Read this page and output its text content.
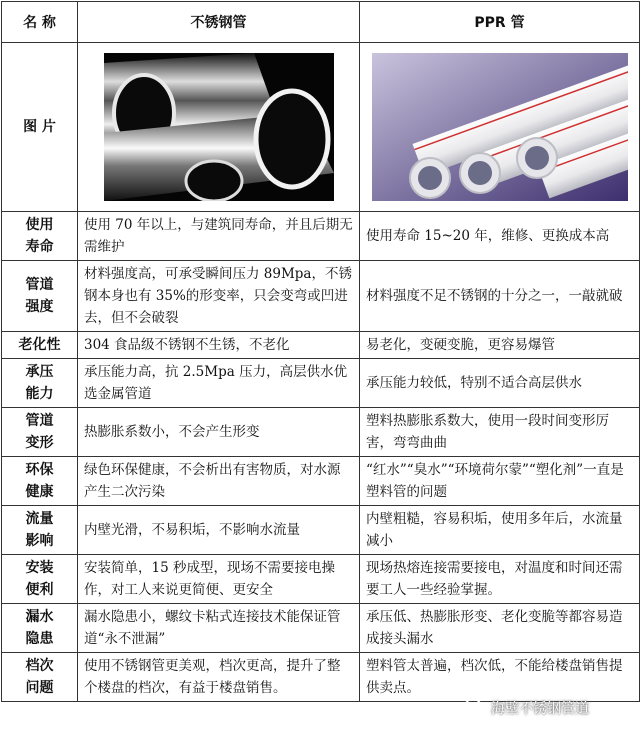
名 称	不锈钢管	PPR 管
图 片	

使用
寿命	使用 70 年以上，与建筑同寿命，并且后期无需维护	使用寿命 15~20 年，维修、更换成本高
管道
强度	材料强度高，可承受瞬间压力 89Mpa，不锈钢本身也有 35%的形变率，只会变弯或凹进去，但不会破裂	材料强度不足不锈钢的十分之一，一敲就破
老化性	304 食品级不锈钢不生锈，不老化	易老化，变硬变脆，更容易爆管
承压
能力	承压能力高，抗 2.5Mpa 压力，高层供水优选金属管道	承压能力较低，特别不适合高层供水
管道
变形	热膨胀系数小，不会产生形变	塑料热膨胀系数大，使用一段时间变形厉害，弯弯曲曲
环保
健康	绿色环保健康，不会析出有害物质，对水源产生二次污染	“红水”“臭水”“环境荷尔蒙”“塑化剂”一直是塑料管的问题
流量
影响	内壁光滑，不易积垢，不影响水流量	内壁粗糙，容易积垢，使用多年后，水流量减小
安装
便利	安装简单，15 秒成型，现场不需要接电操作，对工人来说更简便、更安全	现场热熔连接需要接电，对温度和时间还需要工人一些经验掌握。
漏水
隐患	漏水隐患小，螺纹卡粘式连接技术能保证管道“永不泄漏”	承压低、热膨胀形变、老化变脆等都容易造成接头漏水
档次
问题	使用不锈钢管更美观，档次更高，提升了整个楼盘的档次，有益于楼盘销售。	塑料管太普遍，档次低，不能给楼盘销售提供卖点。
海壁不锈钢管道
